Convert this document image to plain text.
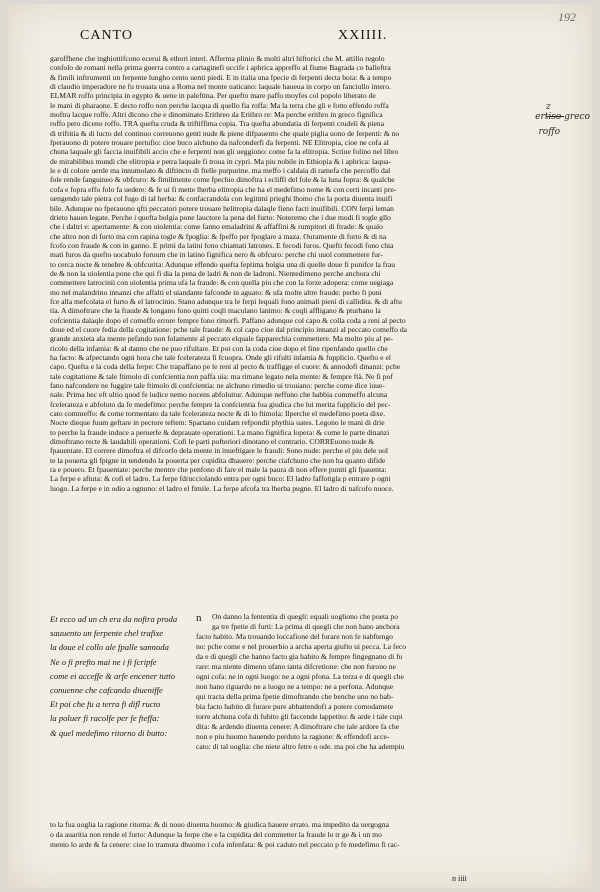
192
CANTO	XXIIII.

garoffhene che inghiottifcono ecerui & ethori interi. Afferma plinio & molti altri hiftorici che M. attilio regolo

confolo de romani nella prima guerra contro a cartaginefi uccife i aphrica appreffo al fiume Bagrada co balleftra

& fimili inftrumenti un ferpente lungho cento uenti piedi. E in italia una fpecie di ferpenti decta boia: & a tempo

di claudio imperadore ne fu trouata una a Roma nel monte uaticano: laquale haueua in corpo un fanciullo intero.

ELMAR roffo principia in egypto & uene in paleftina. Per quefto mare paffo moyfes col popolo liberato de

le mani di pharaone. E decto roffo non perche lacqua di quello fia roffa: Ma la terra che gli e fotto effendo roffa

moftra lacque roffe. Altri dicono che e dinominato Erithreo da Erithro re: Ma perche erithro in greco fignifica

roffo pero diceno roffo. TRA quefta cruda & triftiffima copia. Tra quefta abundatia di ferpenti crudeli & piena

di triftitia & di lucto del continuo correuono genti nude & piene difpauento che quale piglia uono de ferpenti: & no

fperauono di potere trouare pertufio: cioe buco alchuno da nafconderfi da ferpenti. NE Elitropia, cioe ne cofa al

chuna laquale gli faccia inuifibili accio che e ferpenti non gli ueggiono: come fa la elitropia. Scriue folino nel libro

de mirabilibus mundi che elitropia e petra laquale fi troua in cypri. Ma piu nobile in Ethiopia & i aphrica: laqua-

le e di colore uerde ma innumolato & diftincto di ftelle purpurine. ma meffo i caldaia di ramefa che percoffo dal

fole rende fanguineo & obfcuro: & fimilmente come fpechio dimoftra i ecliffi del fole & la luna fopra: & qualche

cofa e fopra effo folo fa uedere: & fe ui fi mette lherba elitropia che ha el medefimo nome & con certi incanti pre-

uengendo tale pietra col fugo di tal herba: & confacrandola con legitimi prieghi lhomo che la porta diuenta inuifi

bile. Adunque no fperauono qfti peccatori potere trouare helitropia dalaqle fieno facti inuifibili. CON ferpi leman

drieto hauen legate. Perche i quefta bolgia pone lauctore la pena del furto: Noteremo che i due modi fi togle gllo

che i daltri e: apertamente: & con uiolentia: come fanno emaladrini & affaffini & rumpitori di ftrade: & qualo

che altro non di furto ma con rapina togle & fpoglia: & fpeffo per fpoglare a maza. Ouramente di furto & di na

fcofo con fraude & con in ganno. E primi da latini fono chiamati latrones. E fecodi furos. Quefti fecodi fono chia

mati furos da quefto uocabulo foruum che in latino fignifica nero & obfcuro: perche chi uuol commettere fur-

to cerca nocte & tenebre & obfcurita: Adunque effendo quefta feptima bolgia una di quelle doue fi punifce la frau

de & non la uiolentia pone che qui fi dia la pena de ladri & non de ladroni. Nientedimeno perche anchora chi

commettere latrocinii con uiolentia prima ufa la fraude: & con quella piu che con la forze adopera: come uegiaga

mo nel malandrino innanzi che affalti el uiandante fafconde in aguato: & ufa molte altre fraude: perho fi puni

fce alla mefcolata el furto & el latrocinio. Stano adunque tra le ferpi lequali fono animali pieni di callidita. & di aftu

tia. A dimoftrare che la fraude & longano fono quitti coqli maculano lanimo: & coqli affligano & pturbano la

cofcientia dalaqle dopo el comeffo errore fempre fono rimorfi. Paffano adunque col capo & colla coda a reni al pecto

doue ed el cuore fedia della cogitatione: pche tale fraude: & col capo cioe dal principio innanzi al peccato comeffo da

grande anxieta ala mente pefando non folamente al peccato elquale fapparechia commettere. Ma molto piu al pe-

ricolo della infamia: & al danno che ne puo rifultare. Et poi con la coda cioe dopo el fine ripenfando quello che

ha facto: & afpectando ogni hora che tale fcelerateza fi fcuopra. Onde gli rifulti infamia & fupplicio. Quefto e el

capo. Quefta e la coda della ferpe: Che trapaffano pe le reni al pecto & traffigge el cuore: & annodofi dinanzi: pche

tale cogitatione & tale ftimolo di confcientia non paffa uia: ma rimane legato nela mente: & fempre ftà. Ne fi pof

fano nafcondere ne fuggire tale ftimolo di confcientia: ne alchuno rimedio ui trouiano: perche come dice iuue-

nale. Prima hec eft ultio quod fe iudice nemo nocens abfoluitur. Adunque neffuno che habbia commeffo alcuna

fcelerateza e abfoluto da fe medefimo: perche fempre la confcientia fua giudica che lui merita fupplicio del pec-

cato commeffo: & come tormentato da tale fcelerateza nocte & di lo ftimola: Ilperche el medefimo poeta dixe.

Nocte dieque fuum geftare in pectore teftem: Spartano cuidam refpondit phythia uates. Legono le mani di drie

to perche la fraude induce a peruerfe & deprauate operationi. La mano fignifica lopera: & come le parte dinanzi

dimoftrano recte & laudabili operationi. Cofi le parti pofteriori dinotano el contrario. CORREuono nude &

fpauentate. El correre dimoftra el difcorfo dela mente in inueftigare le fraudi: Sono nude: perche el piu dele uol

te la pouerta gli fpigne in tendendo la pouerta per cupidita dhauere: perche ciafchuno che non ha quanto difide

ra e pouero. Et fpauentate: perche mentre che penfono di fare el male la paura di non effere puniti gli fpauenta:

La ferpe e aftuta: & cofi el ladro. La ferpe fdrucciolando entra per ogni buco: El ladro faffotigla p entrare p ogni

luogo. La ferpe e in odio a ognuno: el ladro el fimile. La ferpe afcofa tra lherba pugne. El ladro di nafcofo nuoce.

Et ecco ad un ch era da noftra proda

sauuento un ferpente chel trafixe

la doue el collo ale fpalle sannoda

Ne o fi prefto mai ne i fi fcripfe

come ei acceffe & arfe encener tutto

conuenne che cafcando diueniffe

Et poi che fu a terra fi difl ructo

la poluer fi racolfe per fe fteffa:

& quel medefimo ritorno di butto:

n	On danno la fententia di quegli: equali uogliono che poeta po

ga tre fpetie di furti: La prima di quegli che non hano anchora

facto habito. Ma trouando loccafione del furare non fe nabftengo

no: pche come e nel prouerbio a archa aperta giufto ui pecca. La feco

da e di quegli che hanno facto gia habito & fempre fingegnano di fu

rare: ma niente dimeno ufano tanta difcretione: che non furono ne

ogni cofa: ne in ogni luogo: ne a ogni pfona. La terza e di quegli che

non hano riguardo ne a luogo ne a tempo: ne a perfona. Adunque

qui tracta della prima fpetie dimoftrando che benche uno no hab-

bia facto habito di furare pure abbattendofi a potere comodamete

torre alchuna cofa di fubito gli faccende lappetito: & arde i tale cupi

dita: & ardendo diuenta cenere: A dimoftrare che tale ardore fa che

non e piu huomo hauendo perduto la ragione: & effendofi acce-

cato: di tal uoglia: che niete altro fetre o ode. ma poi che ha adempiu

to la fua uoglia la ragione ritorna: & di nouo diuenta huomo: & giudica hauere errato. ma impedito da uergogna

o da auaritia non rende el furto: Adunque la ferpe che e la cupidita del commetter la fraude lo tr ge & i un mo

mento lo arde & fa cenere: cioe lo tramuta dhuomo i cofa infenfata: & poi caduto nel peccato p fe medefimo fi rac-

n iiii
z
ertiso greco
roffo
